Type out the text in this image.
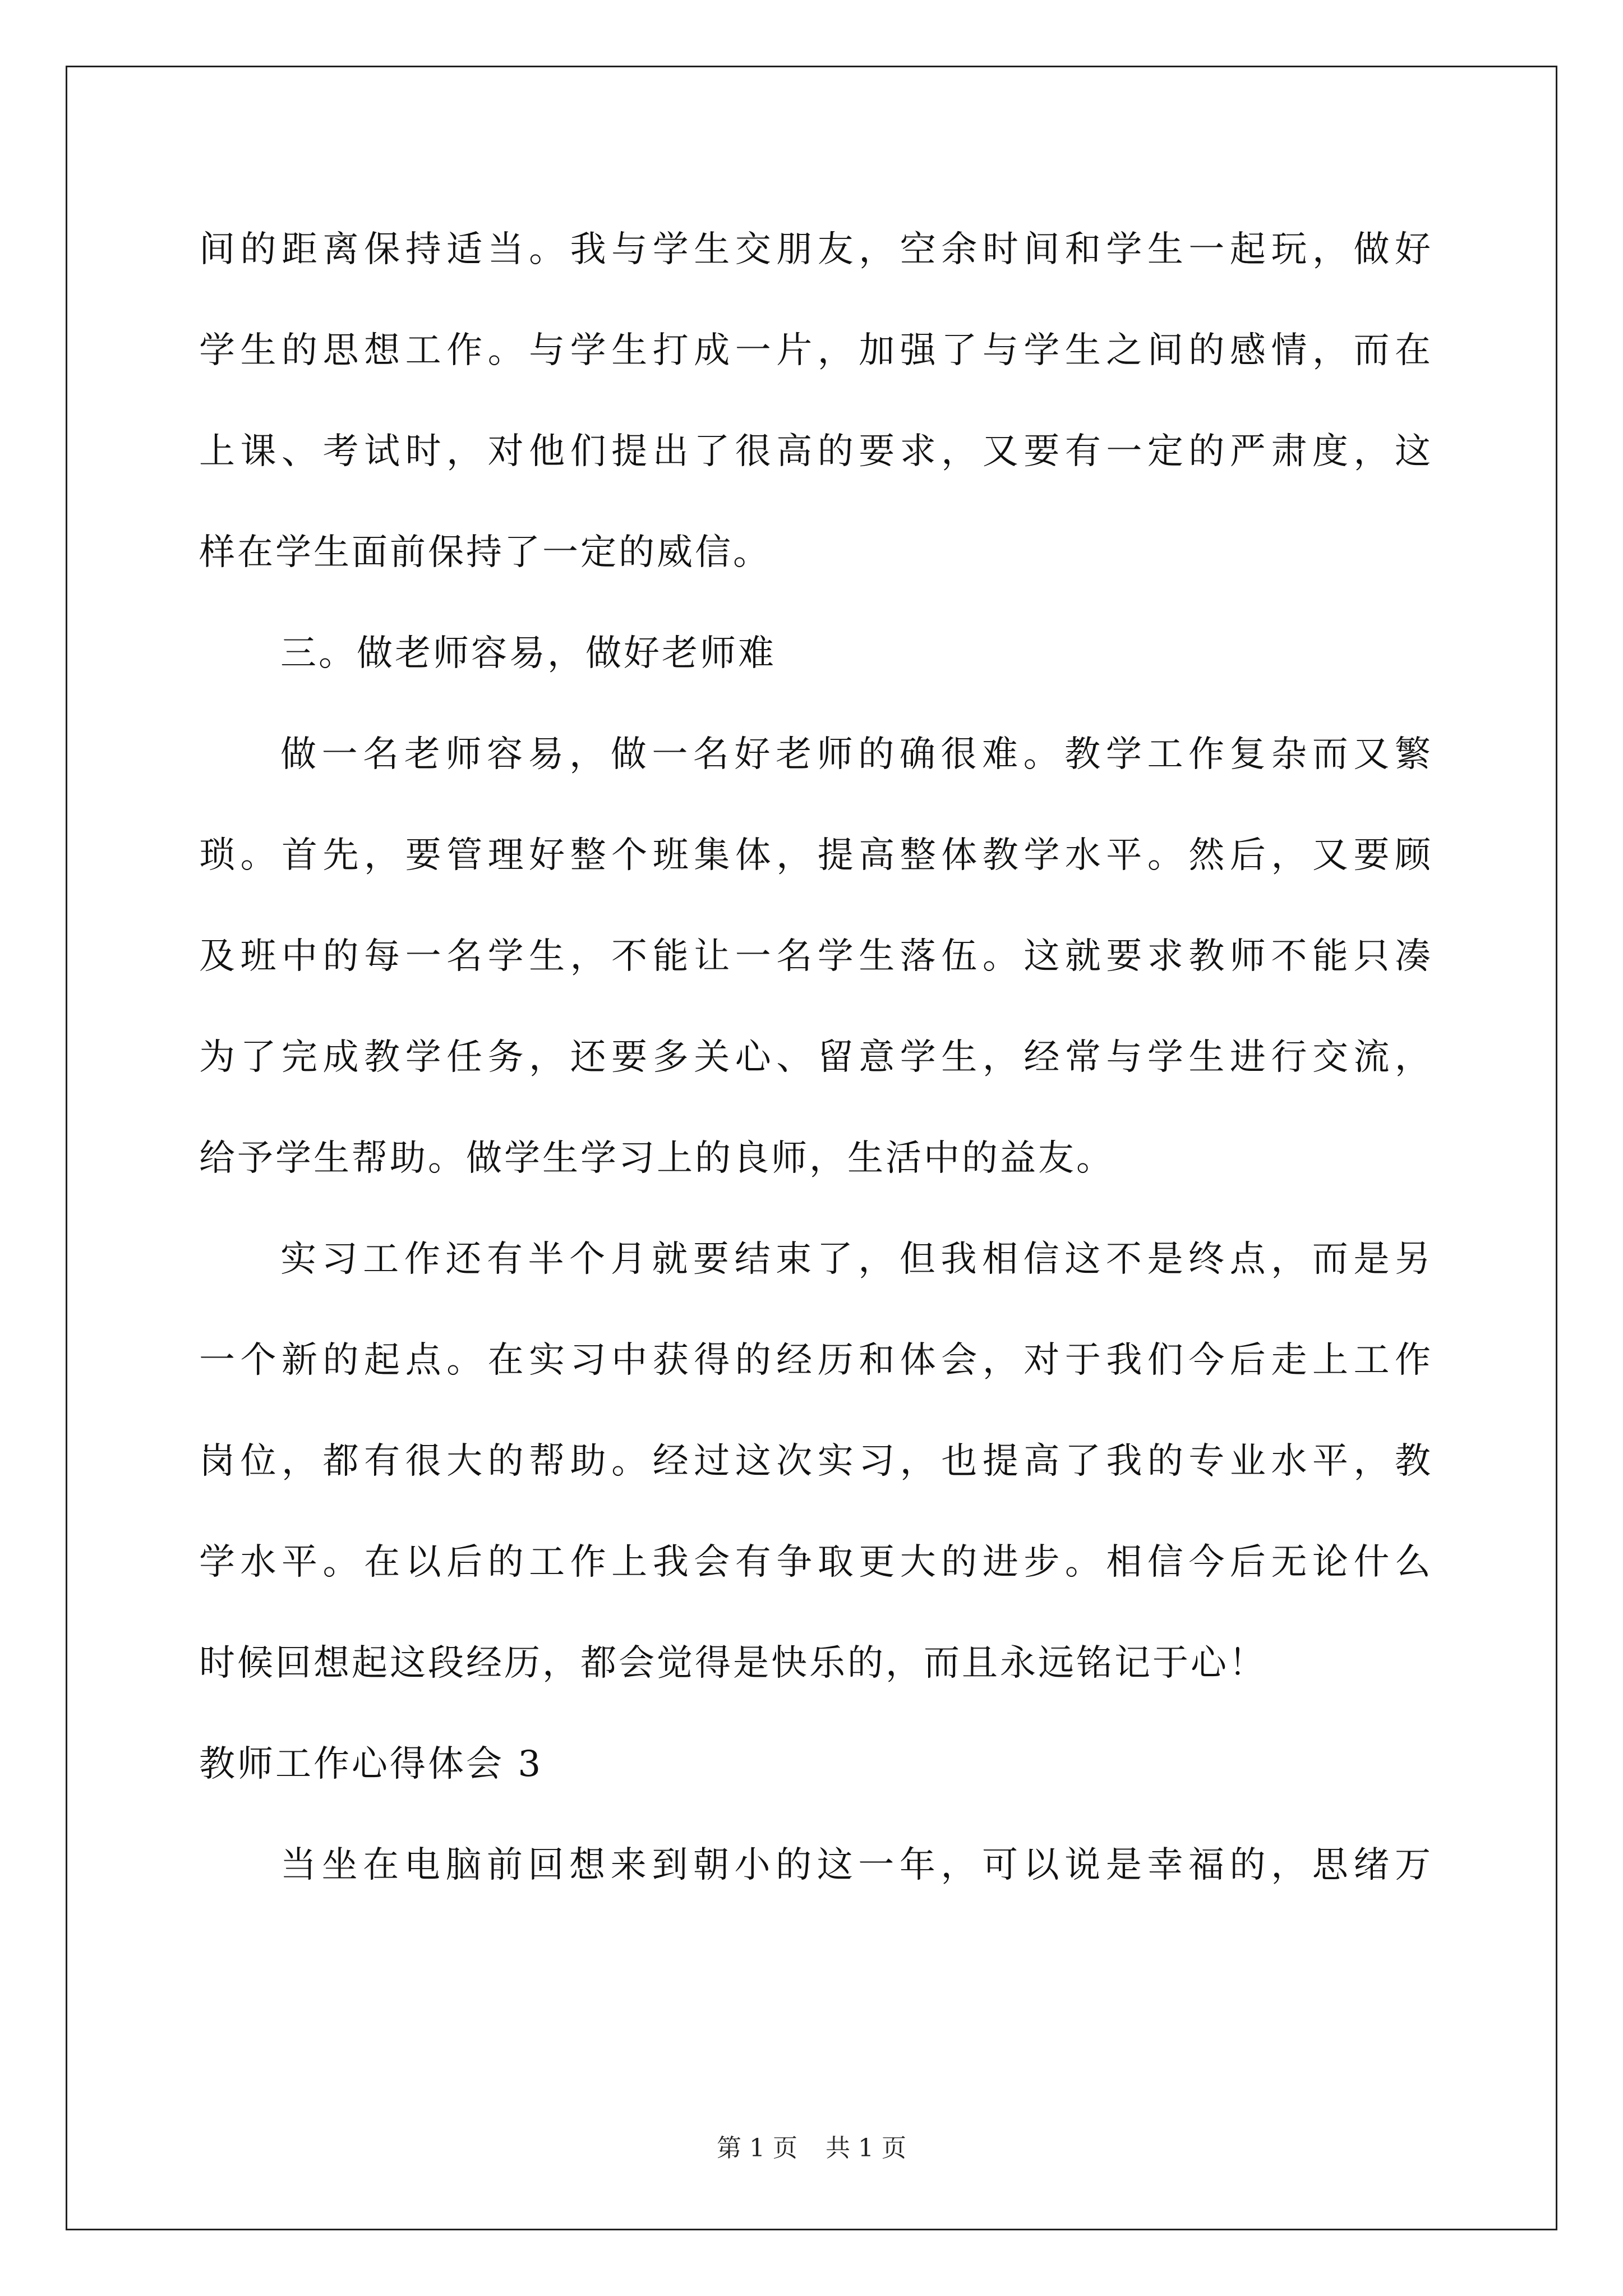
间的距离保持适当。我与学生交朋友，空余时间和学生一起玩，做好
学生的思想工作。与学生打成一片，加强了与学生之间的感情，而在
上课、考试时，对他们提出了很高的要求，又要有一定的严肃度，这
样在学生面前保持了一定的威信。
三。做老师容易，做好老师难
做一名老师容易，做一名好老师的确很难。教学工作复杂而又繁
琐。首先，要管理好整个班集体，提高整体教学水平。然后，又要顾
及班中的每一名学生，不能让一名学生落伍。这就要求教师不能只凑
为了完成教学任务，还要多关心、留意学生，经常与学生进行交流，
给予学生帮助。做学生学习上的良师，生活中的益友。
实习工作还有半个月就要结束了，但我相信这不是终点，而是另
一个新的起点。在实习中获得的经历和体会，对于我们今后走上工作
岗位，都有很大的帮助。经过这次实习，也提高了我的专业水平，教
学水平。在以后的工作上我会有争取更大的进步。相信今后无论什么
时候回想起这段经历，都会觉得是快乐的，而且永远铭记于心！
教师工作心得体会 3
当坐在电脑前回想来到朝小的这一年，可以说是幸福的，思绪万
第 1 页 共 1 页
